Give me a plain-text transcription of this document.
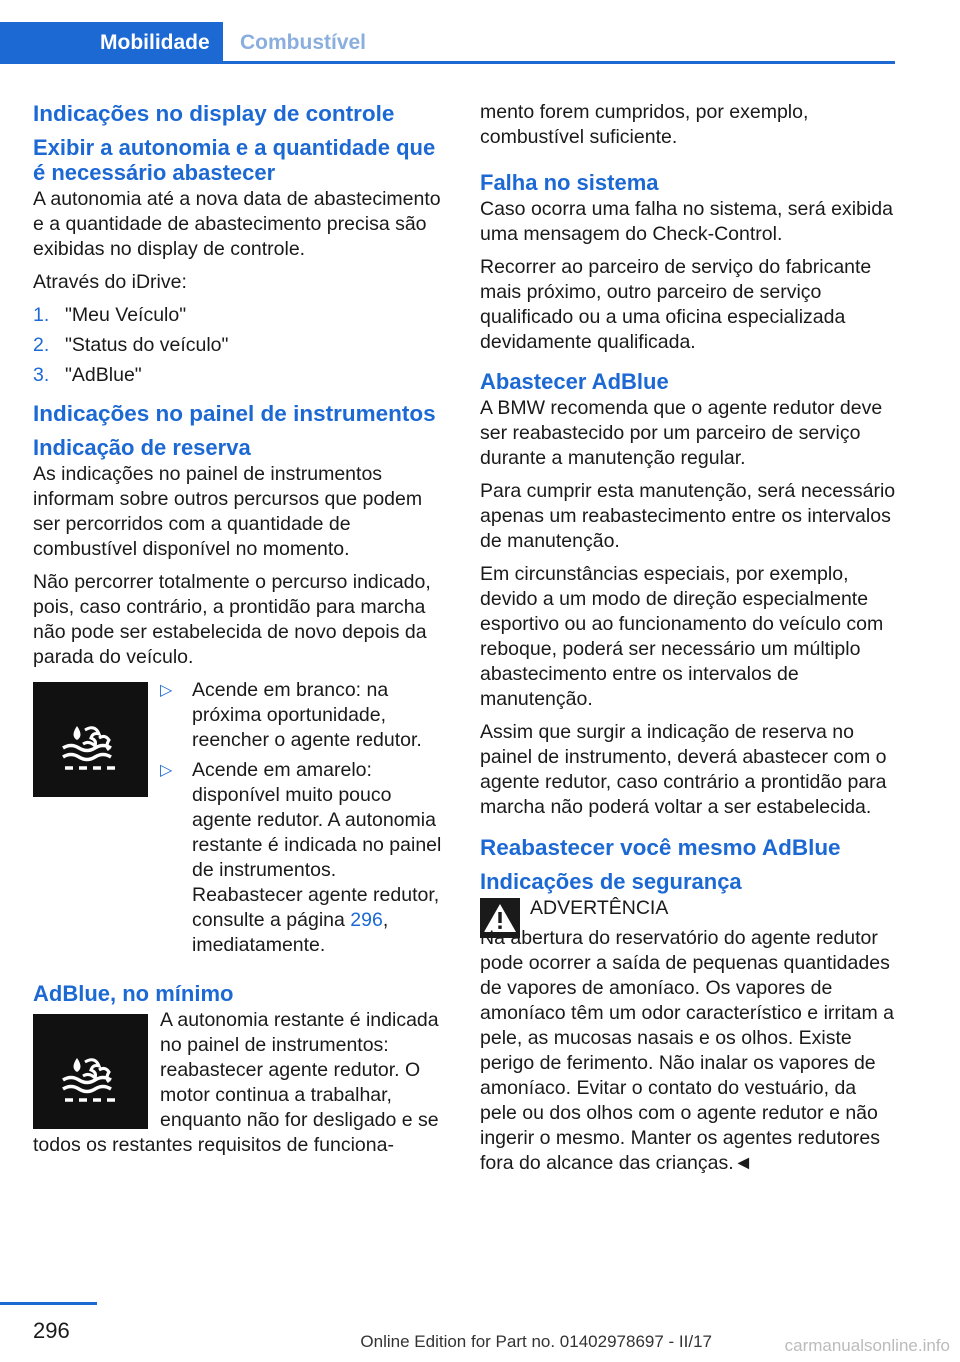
Mobilidade	Combustível
Indicações no display de controle
Exibir a autonomia e a quantidade que é necessário abastecer

A autonomia até a nova data de abastecimento e a quantidade de abastecimento precisa são exibidas no display de controle.

Através do iDrive:

1. "Meu Veículo"
2. "Status do veículo"
3. "AdBlue"
Indicações no painel de instrumentos
Indicação de reserva

As indicações no painel de instrumentos informam sobre outros percursos que podem ser percorridos com a quantidade de combustível disponível no momento.

Não percorrer totalmente o percurso indicado, pois, caso contrário, a prontidão para marcha não pode ser estabelecida de novo depois da parada do veículo.

▷	Acende em branco: na próxima oportunidade, reencher o agente redutor.
▷	Acende em amarelo: disponível muito pouco agente redutor. A autonomia restante é indicada no painel de instrumentos. Reabastecer agente redutor, consulte a página 296, imediatamente.
AdBlue, no mínimo
A autonomia restante é indicada no painel de instrumentos: reabastecer agente redutor. O motor continua a trabalhar, enquanto não for desligado e se todos os restantes requisitos de funciona-

mento forem cumpridos, por exemplo, combustível suficiente.

Falha no sistema

Caso ocorra uma falha no sistema, será exibida uma mensagem do Check-Control.

Recorrer ao parceiro de serviço do fabricante mais próximo, outro parceiro de serviço qualificado ou a uma oficina especializada devidamente qualificada.

Abastecer AdBlue

A BMW recomenda que o agente redutor deve ser reabastecido por um parceiro de serviço durante a manutenção regular.

Para cumprir esta manutenção, será necessário apenas um reabastecimento entre os intervalos de manutenção.

Em circunstâncias especiais, por exemplo, devido a um modo de direção especialmente esportivo ou ao funcionamento do veículo com reboque, poderá ser necessário um múltiplo abastecimento entre os intervalos de manutenção.

Assim que surgir a indicação de reserva no painel de instrumento, deverá abastecer com o agente redutor, caso contrário a prontidão para marcha não poderá voltar a ser estabelecida.

Reabastecer você mesmo AdBlue
Indicações de segurança
ADVERTÊNCIA

Na abertura do reservatório do agente redutor pode ocorrer a saída de pequenas quantidades de vapores de amoníaco. Os vapores de amoníaco têm um odor característico e irritam a pele, as mucosas nasais e os olhos. Existe perigo de ferimento. Não inalar os vapores de amoníaco. Evitar o contato do vestuário, da pele ou dos olhos com o agente redutor e não ingerir o mesmo. Manter os agentes redutores fora do alcance das crianças.◄

296	Online Edition for Part no. 01402978697 - II/17	carmanualsonline.info
